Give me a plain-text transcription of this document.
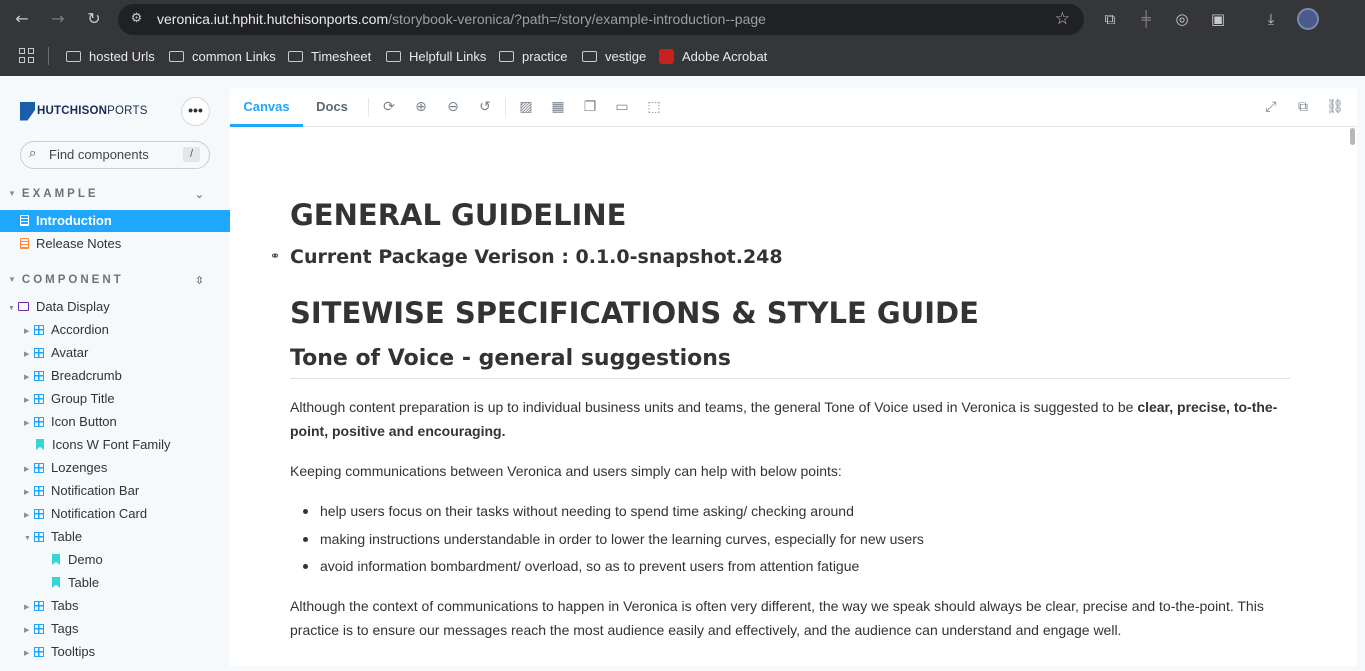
← → ↻	⚙ veronica.iut.hphit.hutchisonports.com/storybook-veronica/?path=/story/example-introduction--page	☆	⧉	╪	◎ ▣	⤓
hosted Urls	common Links	Timesheet	Helpfull Links	practice	vestige	Adobe Acrobat
HUTCHISONPORTS	•••
⌕
Find components	/
▼ EXAMPLE	⌄
Introduction
Release Notes
▼ COMPONENT	⇳
▼ Data Display
▶ Accordion
▶ Avatar
▶ Breadcrumb
▶ Group Title
▶ Icon Button
Icons W Font Family
▶ Lozenges
▶ Notification Bar
▶ Notification Card
▼ Table
Demo
Table
▶ Tabs
▶ Tags
▶ Tooltips
Canvas	Docs	⟳ ⊕ ⊖ ↺ ▨ ▦ ❐ ▭ ⬚	⤢ ⧉ ⛓
GENERAL GUIDELINE
⚭ Current Package Verison : 0.1.0-snapshot.248
SITEWISE SPECIFICATIONS & STYLE GUIDE
Tone of Voice - general suggestions
Although content preparation is up to individual business units and teams, the general Tone of Voice used in Veronica is suggested to be clear, precise, to-the-point, positive and encouraging.
Keeping communications between Veronica and users simply can help with below points:
help users focus on their tasks without needing to spend time asking/ checking around
making instructions understandable in order to lower the learning curves, especially for new users
avoid information bombardment/ overload, so as to prevent users from attention fatigue
Although the context of communications to happen in Veronica is often very different, the way we speak should always be clear, precise and to-the-point. This practice is to ensure our messages reach the most audience easily and effectively, and the audience can understand and engage well.
